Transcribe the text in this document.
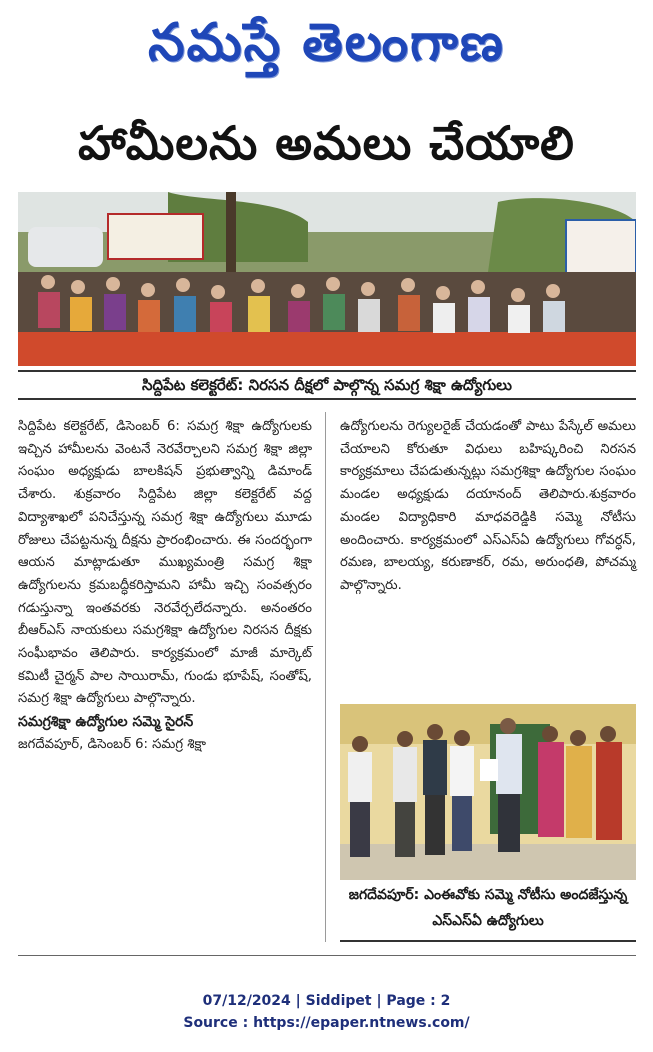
నమస్తే తెలంగాణ
హామీలను అమలు చేయాలి
సిద్దిపేట కలెక్టరేట్: నిరసన దీక్షలో పాల్గొన్న సమగ్ర శిక్షా ఉద్యోగులు

సిద్దిపేట కలెక్టరేట్, డిసెంబర్ 6: సమగ్ర శిక్షా ఉద్యోగులకు ఇచ్చిన హామీలను వెంటనే నెరవేర్చాలని సమగ్ర శిక్షా జిల్లా సంఘం అధ్యక్షుడు బాలకిషన్ ప్రభుత్వాన్ని డిమాండ్ చేశారు. శుక్రవారం సిద్దిపేట జిల్లా కలెక్టరేట్ వద్ద విద్యాశాఖలో పనిచేస్తున్న సమగ్ర శిక్షా ఉద్యోగులు మూడు రోజులు చేపట్టనున్న దీక్షను ప్రారంభించారు. ఈ సందర్భంగా ఆయన మాట్లాడుతూ ముఖ్యమంత్రి సమగ్ర శిక్షా ఉద్యోగులను క్రమబద్ధీకరిస్తామని హామీ ఇచ్చి సంవత్సరం గడుస్తున్నా ఇంతవరకు నెరవేర్చలేదన్నారు. అనంతరం బీఆర్ఎస్ నాయకులు సమగ్రశిక్షా ఉద్యోగుల నిరసన దీక్షకు సంఘీభావం తెలిపారు. కార్యక్రమంలో మాజీ మార్కెట్ కమిటీ చైర్మన్ పాల సాయిరామ్, గుండు భూపేష్, సంతోష్, సమగ్ర శిక్షా ఉద్యోగులు పాల్గొన్నారు.

సమగ్రశిక్షా ఉద్యోగుల సమ్మె సైరన్

జగదేవపూర్, డిసెంబర్ 6: సమగ్ర శిక్షా

ఉద్యోగులను రెగ్యులరైజ్ చేయడంతో పాటు పేస్కేల్ అమలు చేయాలని కోరుతూ విధులు బహిష్కరించి నిరసన కార్యక్రమాలు చేపడుతున్నట్లు సమగ్రశిక్షా ఉద్యోగుల సంఘం మండల అధ్యక్షుడు దయానంద్ తెలిపారు.శుక్రవారం మండల విద్యాధికారి మాధవరెడ్డికి సమ్మె నోటీసు అందించారు. కార్యక్రమంలో ఎస్ఎస్ఏ ఉద్యోగులు గోవర్ధన్, రమణ, బాలయ్య, కరుణాకర్, రమ, అరుంధతి, పోచమ్మ పాల్గొన్నారు.

జగదేవపూర్: ఎంఈవోకు సమ్మె నోటీసు అందజేస్తున్న ఎస్ఎస్ఏ ఉద్యోగులు
07/12/2024 | Siddipet | Page : 2
Source : https://epaper.ntnews.com/
